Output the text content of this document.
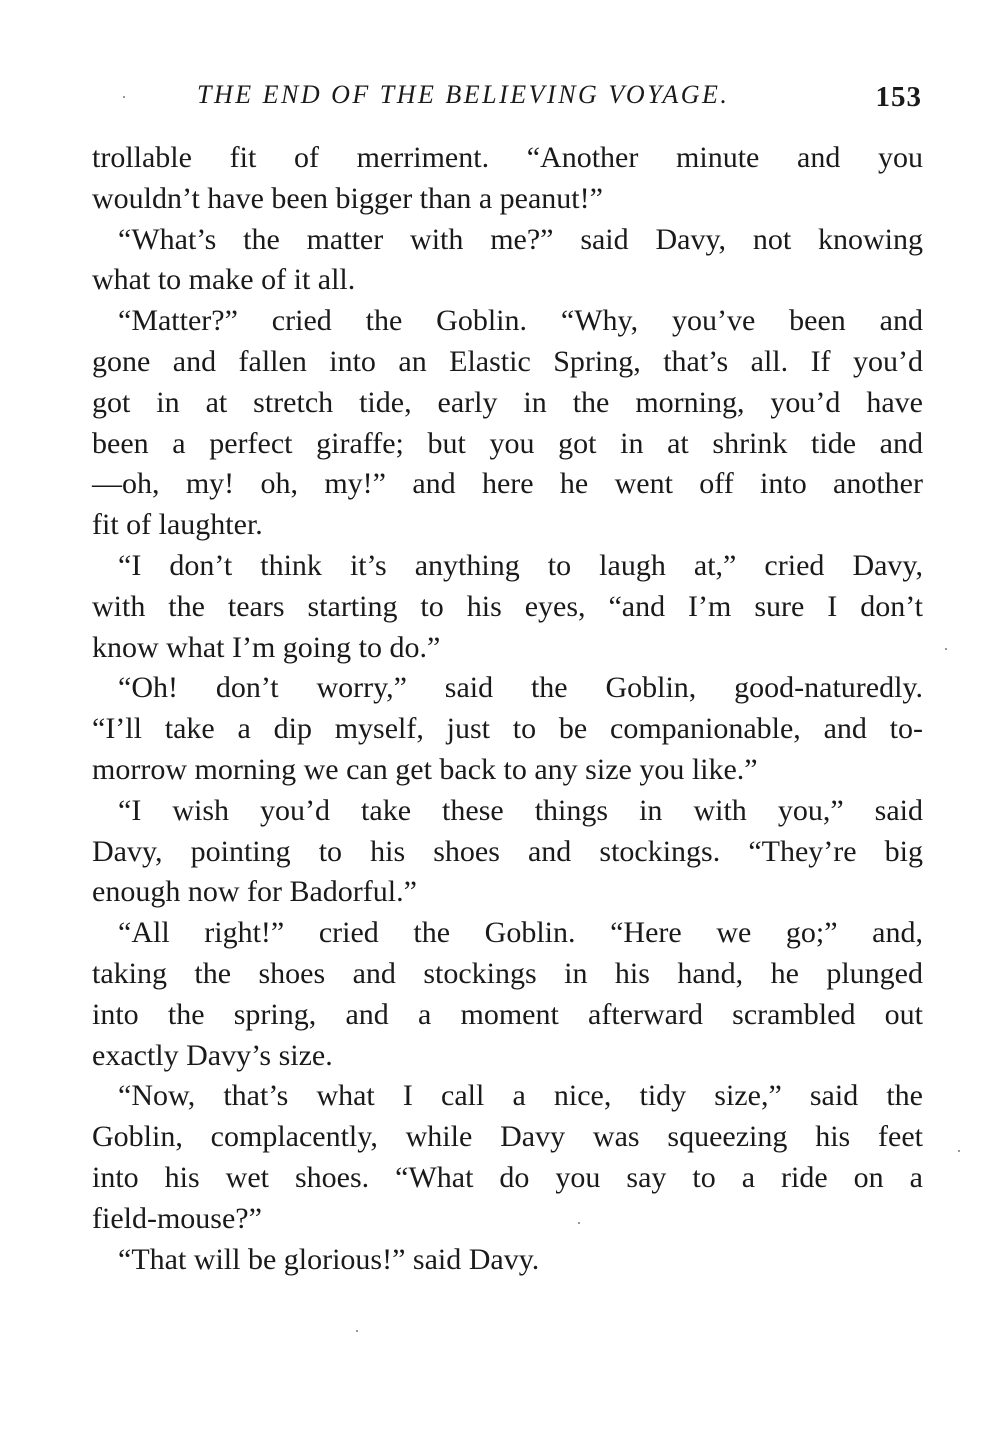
THE END OF THE BELIEVING VOYAGE.	153
trollable fit of merriment. “Another minute and you
wouldn’t have been bigger than a peanut!”
“What’s the matter with me?” said Davy, not knowing
what to make of it all.
“Matter?” cried the Goblin. “Why, you’ve been and
gone and fallen into an Elastic Spring, that’s all. If you’d
got in at stretch tide, early in the morning, you’d have
been a perfect giraffe; but you got in at shrink tide and
—oh, my! oh, my!” and here he went off into another
fit of laughter.
“I don’t think it’s anything to laugh at,” cried Davy,
with the tears starting to his eyes, “and I’m sure I don’t
know what I’m going to do.”
“Oh! don’t worry,” said the Goblin, good-naturedly.
“I’ll take a dip myself, just to be companionable, and to-
morrow morning we can get back to any size you like.”
“I wish you’d take these things in with you,” said
Davy, pointing to his shoes and stockings. “They’re big
enough now for Badorful.”
“All right!” cried the Goblin. “Here we go;” and,
taking the shoes and stockings in his hand, he plunged
into the spring, and a moment afterward scrambled out
exactly Davy’s size.
“Now, that’s what I call a nice, tidy size,” said the
Goblin, complacently, while Davy was squeezing his feet
into his wet shoes. “What do you say to a ride on a
field-mouse?”
“That will be glorious!” said Davy.
